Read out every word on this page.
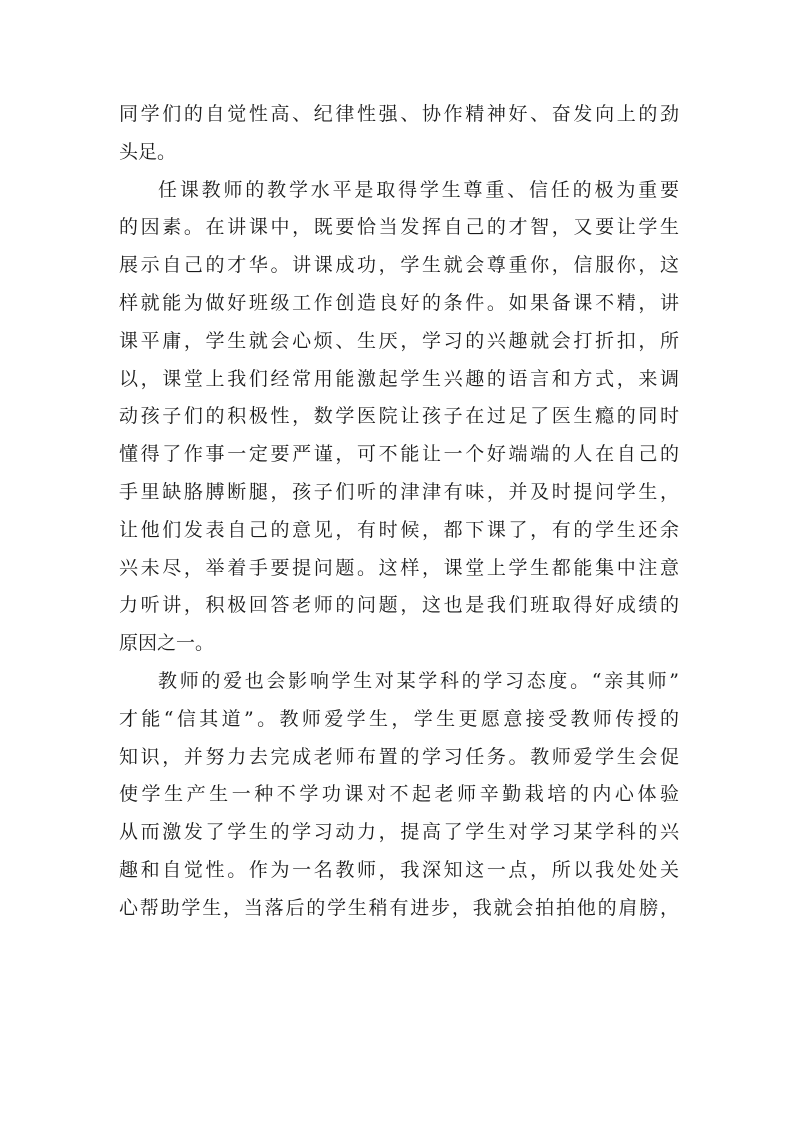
同学们的自觉性高、纪律性强、协作精神好、奋发向上的劲
头足。
任课教师的教学水平是取得学生尊重、信任的极为重要
的因素。在讲课中，既要恰当发挥自己的才智，又要让学生
展示自己的才华。讲课成功，学生就会尊重你，信服你，这
样就能为做好班级工作创造良好的条件。如果备课不精，讲
课平庸，学生就会心烦、生厌，学习的兴趣就会打折扣，所
以，课堂上我们经常用能激起学生兴趣的语言和方式，来调
动孩子们的积极性，数学医院让孩子在过足了医生瘾的同时
懂得了作事一定要严谨，可不能让一个好端端的人在自己的
手里缺胳膊断腿，孩子们听的津津有味，并及时提问学生，
让他们发表自己的意见，有时候，都下课了，有的学生还余
兴未尽，举着手要提问题。这样，课堂上学生都能集中注意
力听讲，积极回答老师的问题，这也是我们班取得好成绩的
原因之一。
教师的爱也会影响学生对某学科的学习态度。“亲其师”
才能“信其道”。教师爱学生，学生更愿意接受教师传授的
知识，并努力去完成老师布置的学习任务。教师爱学生会促
使学生产生一种不学功课对不起老师辛勤栽培的内心体验
从而激发了学生的学习动力，提高了学生对学习某学科的兴
趣和自觉性。作为一名教师，我深知这一点，所以我处处关
心帮助学生，当落后的学生稍有进步，我就会拍拍他的肩膀，
